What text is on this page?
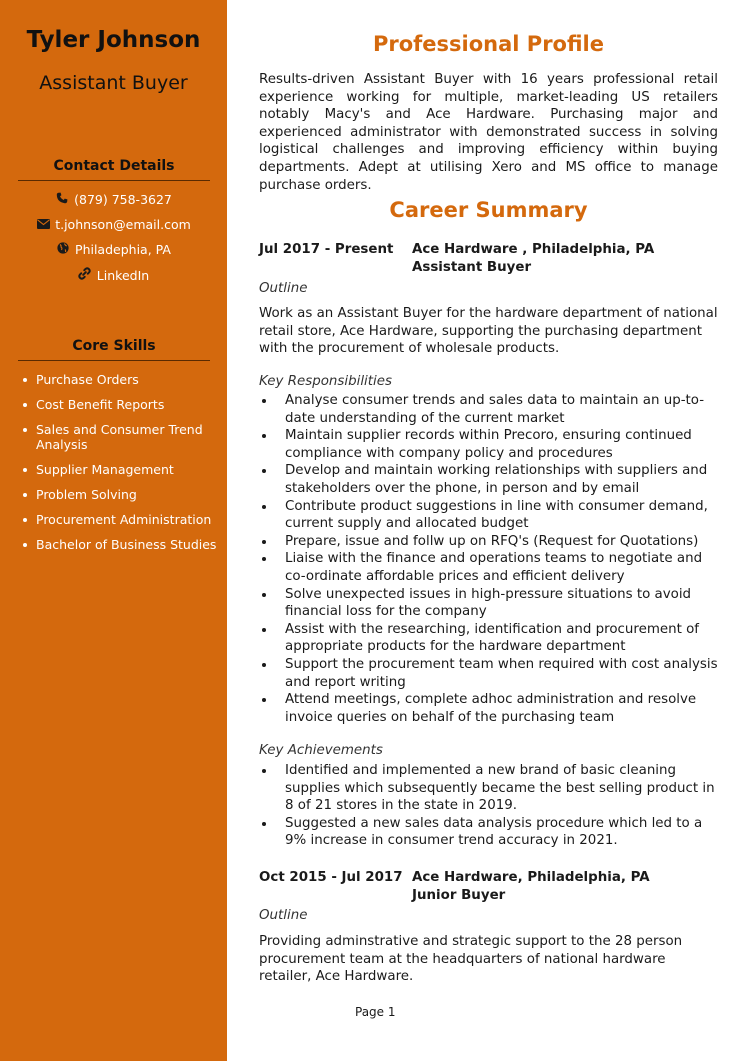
Tyler Johnson
Assistant Buyer
Contact Details
(879) 758-3627
t.johnson@email.com
Philadephia, PA
LinkedIn
Core Skills
Purchase Orders
Cost Benefit Reports
Sales and Consumer Trend Analysis
Supplier Management
Problem Solving
Procurement Administration
Bachelor of Business Studies
Professional Profile
Results-driven Assistant Buyer with 16 years professional retail experience working for multiple, market-leading US retailers notably Macy's and Ace Hardware. Purchasing major and experienced administrator with demonstrated success in solving logistical challenges and improving efficiency within buying departments. Adept at utilising Xero and MS office to manage purchase orders.
Career Summary
Jul 2017 - Present Ace Hardware , Philadelphia, PA
Assistant Buyer
Outline
Work as an Assistant Buyer for the hardware department of national retail store, Ace Hardware, supporting the purchasing department with the procurement of wholesale products.
Key Responsibilities
Analyse consumer trends and sales data to maintain an up-to-date understanding of the current market
Maintain supplier records within Precoro, ensuring continued compliance with company policy and procedures
Develop and maintain working relationships with suppliers and stakeholders over the phone, in person and by email
Contribute product suggestions in line with consumer demand, current supply and allocated budget
Prepare, issue and follw up on RFQ's (Request for Quotations)
Liaise with the finance and operations teams to negotiate and co-ordinate affordable prices and efficient delivery
Solve unexpected issues in high-pressure situations to avoid financial loss for the company
Assist with the researching, identification and procurement of appropriate products for the hardware department
Support the procurement team when required with cost analysis and report writing
Attend meetings, complete adhoc administration and resolve invoice queries on behalf of the purchasing team
Key Achievements
Identified and implemented a new brand of basic cleaning supplies which subsequently became the best selling product in 8 of 21 stores in the state in 2019.
Suggested a new sales data analysis procedure which led to a 9% increase in consumer trend accuracy in 2021.
Oct 2015 - Jul 2017 Ace Hardware, Philadelphia, PA
Junior Buyer
Outline
Providing adminstrative and strategic support to the 28 person procurement team at the headquarters of national hardware retailer, Ace Hardware.
Page 1
